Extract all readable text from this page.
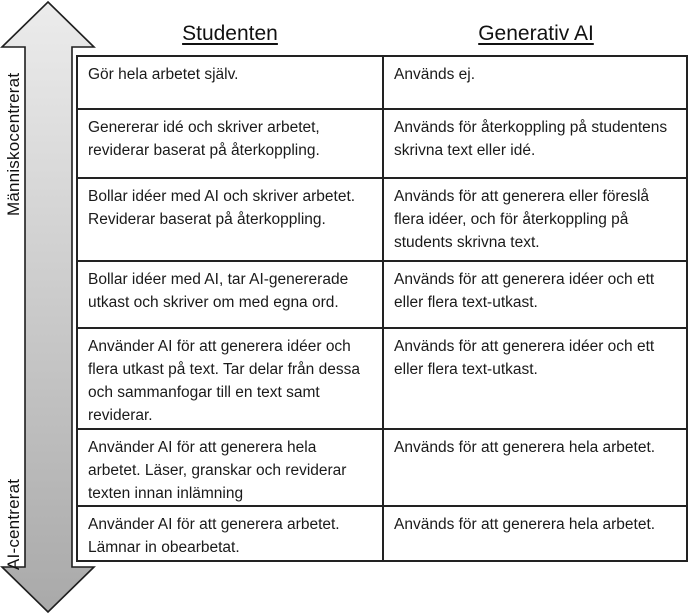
Människocentrerat
AI-centrerat
Studenten	Generativ AI
Gör hela arbetet själv.	Används ej.
Genererar idé och skriver arbetet, reviderar baserat på återkoppling.
Används för återkoppling på studentens skrivna text eller idé.
Bollar idéer med AI och skriver arbetet. Reviderar baserat på återkoppling.
Används för att generera eller föreslå flera idéer, och för återkoppling på students skrivna text.
Bollar idéer med AI, tar AI-genererade utkast och skriver om med egna ord.
Används för att generera idéer och ett eller flera text-utkast.
Använder AI för att generera idéer och flera utkast på text. Tar delar från dessa och sammanfogar till en text samt reviderar.
Används för att generera idéer och ett eller flera text-utkast.
Använder AI för att generera hela arbetet. Läser, granskar och reviderar texten innan inlämning
Används för att generera hela arbetet.
Använder AI för att generera arbetet. Lämnar in obearbetat.
Används för att generera hela arbetet.
